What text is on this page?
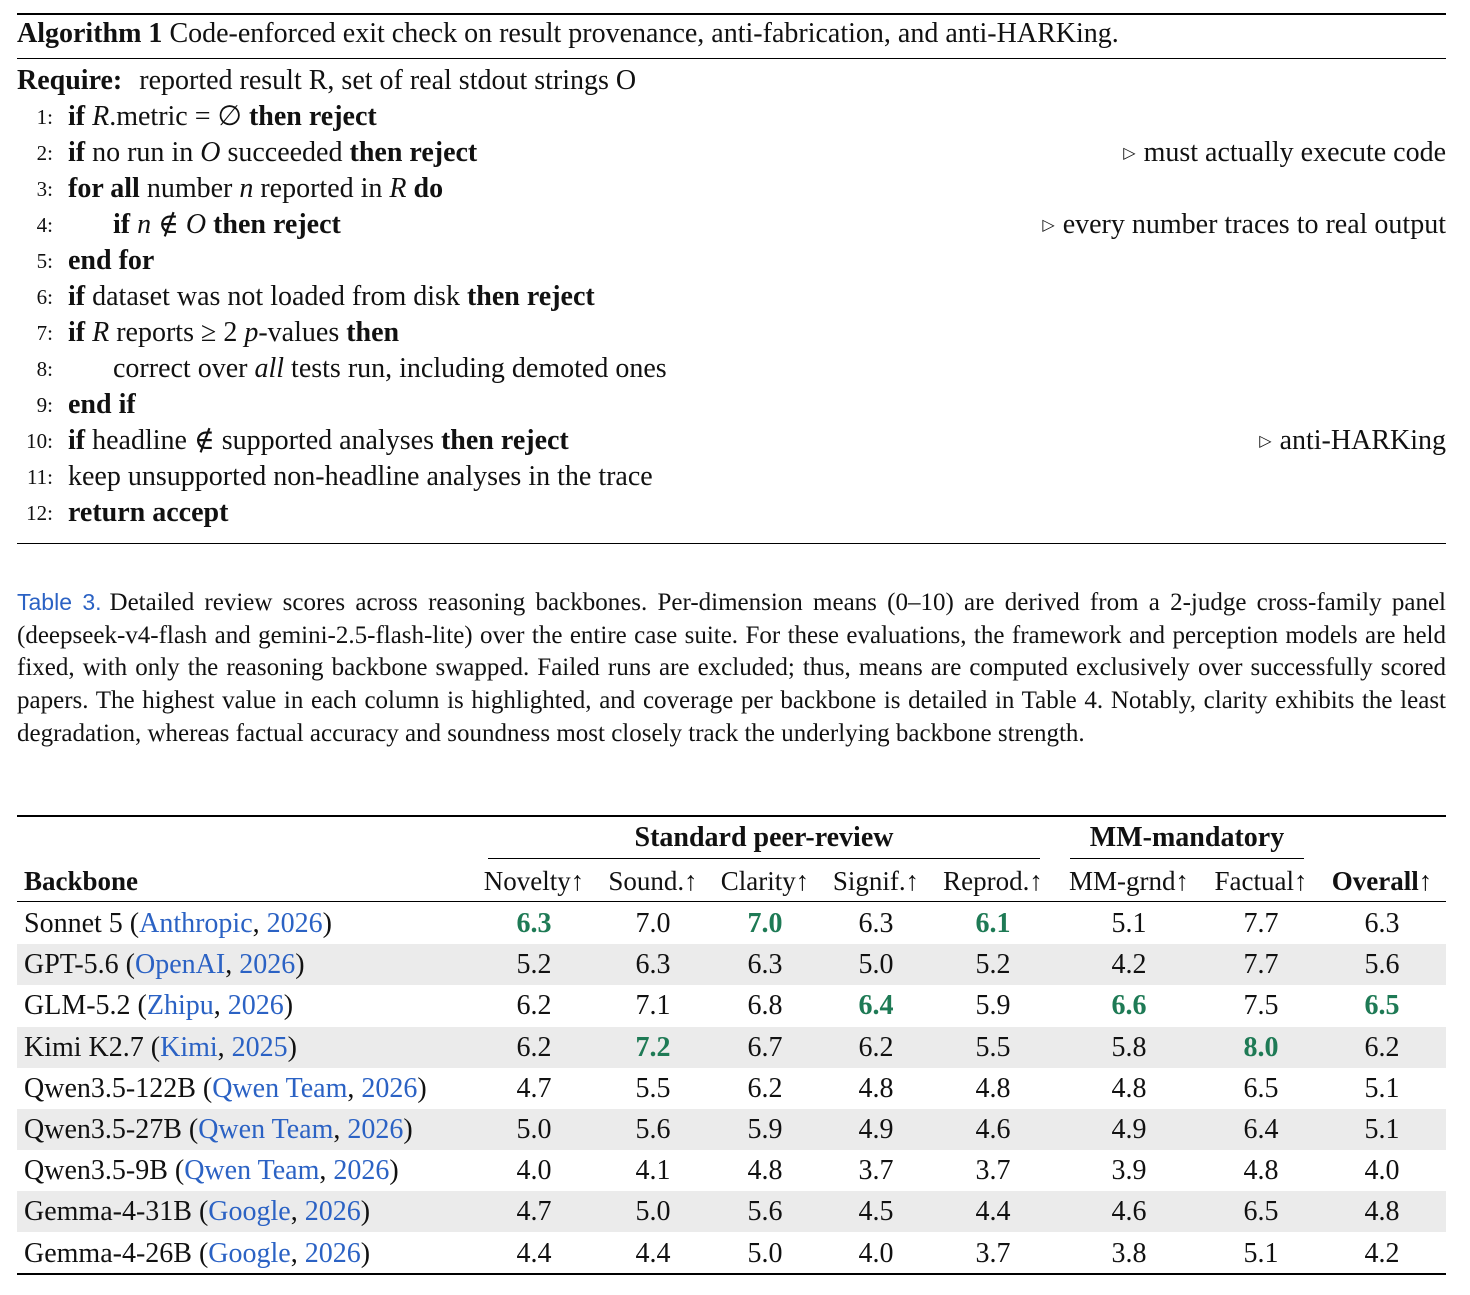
Algorithm 1 Code-enforced exit check on result provenance, anti-fabrication, and anti-HARKing.
Require: reported result R, set of real stdout strings O
1: if R.metric = ∅ then reject
2: if no run in O succeeded then reject	▷ must actually execute code
3: for all number n reported in R do
4: if n ∉ O then reject	▷ every number traces to real output
5: end for
6: if dataset was not loaded from disk then reject
7: if R reports ≥ 2 p-values then
8: correct over all tests run, including demoted ones
9: end if
10: if headline ∉ supported analyses then reject	▷ anti-HARKing
11: keep unsupported non-headline analyses in the trace
12: return accept
Table 3. Detailed review scores across reasoning backbones. Per-dimension means (0–10) are derived from a 2-judge cross-family panel (deepseek-v4-flash and gemini-2.5-flash-lite) over the entire case suite. For these evaluations, the framework and perception models are held fixed, with only the reasoning backbone swapped. Failed runs are excluded; thus, means are computed exclusively over successfully scored papers. The highest value in each column is highlighted, and coverage per backbone is detailed in Table 4. Notably, clarity exhibits the least degradation, whereas factual accuracy and soundness most closely track the underlying backbone strength.
Standard peer-review	MM-mandatory
Backbone	Novelty↑ Sound.↑ Clarity↑ Signif.↑ Reprod.↑ MM-grnd↑ Factual↑ Overall↑
Sonnet 5 (Anthropic, 2026)	6.3	7.0	7.0	6.3	6.1	5.1	7.7	6.3
GPT-5.6 (OpenAI, 2026)	5.2	6.3	6.3	5.0	5.2	4.2	7.7	5.6
GLM-5.2 (Zhipu, 2026)	6.2	7.1	6.8	6.4	5.9	6.6	7.5	6.5
Kimi K2.7 (Kimi, 2025)	6.2	7.2	6.7	6.2	5.5	5.8	8.0	6.2
Qwen3.5-122B (Qwen Team, 2026)	4.7	5.5	6.2	4.8	4.8	4.8	6.5	5.1
Qwen3.5-27B (Qwen Team, 2026)	5.0	5.6	5.9	4.9	4.6	4.9	6.4	5.1
Qwen3.5-9B (Qwen Team, 2026)	4.0	4.1	4.8	3.7	3.7	3.9	4.8	4.0
Gemma-4-31B (Google, 2026)	4.7	5.0	5.6	4.5	4.4	4.6	6.5	4.8
Gemma-4-26B (Google, 2026)	4.4	4.4	5.0	4.0	3.7	3.8	5.1	4.2
